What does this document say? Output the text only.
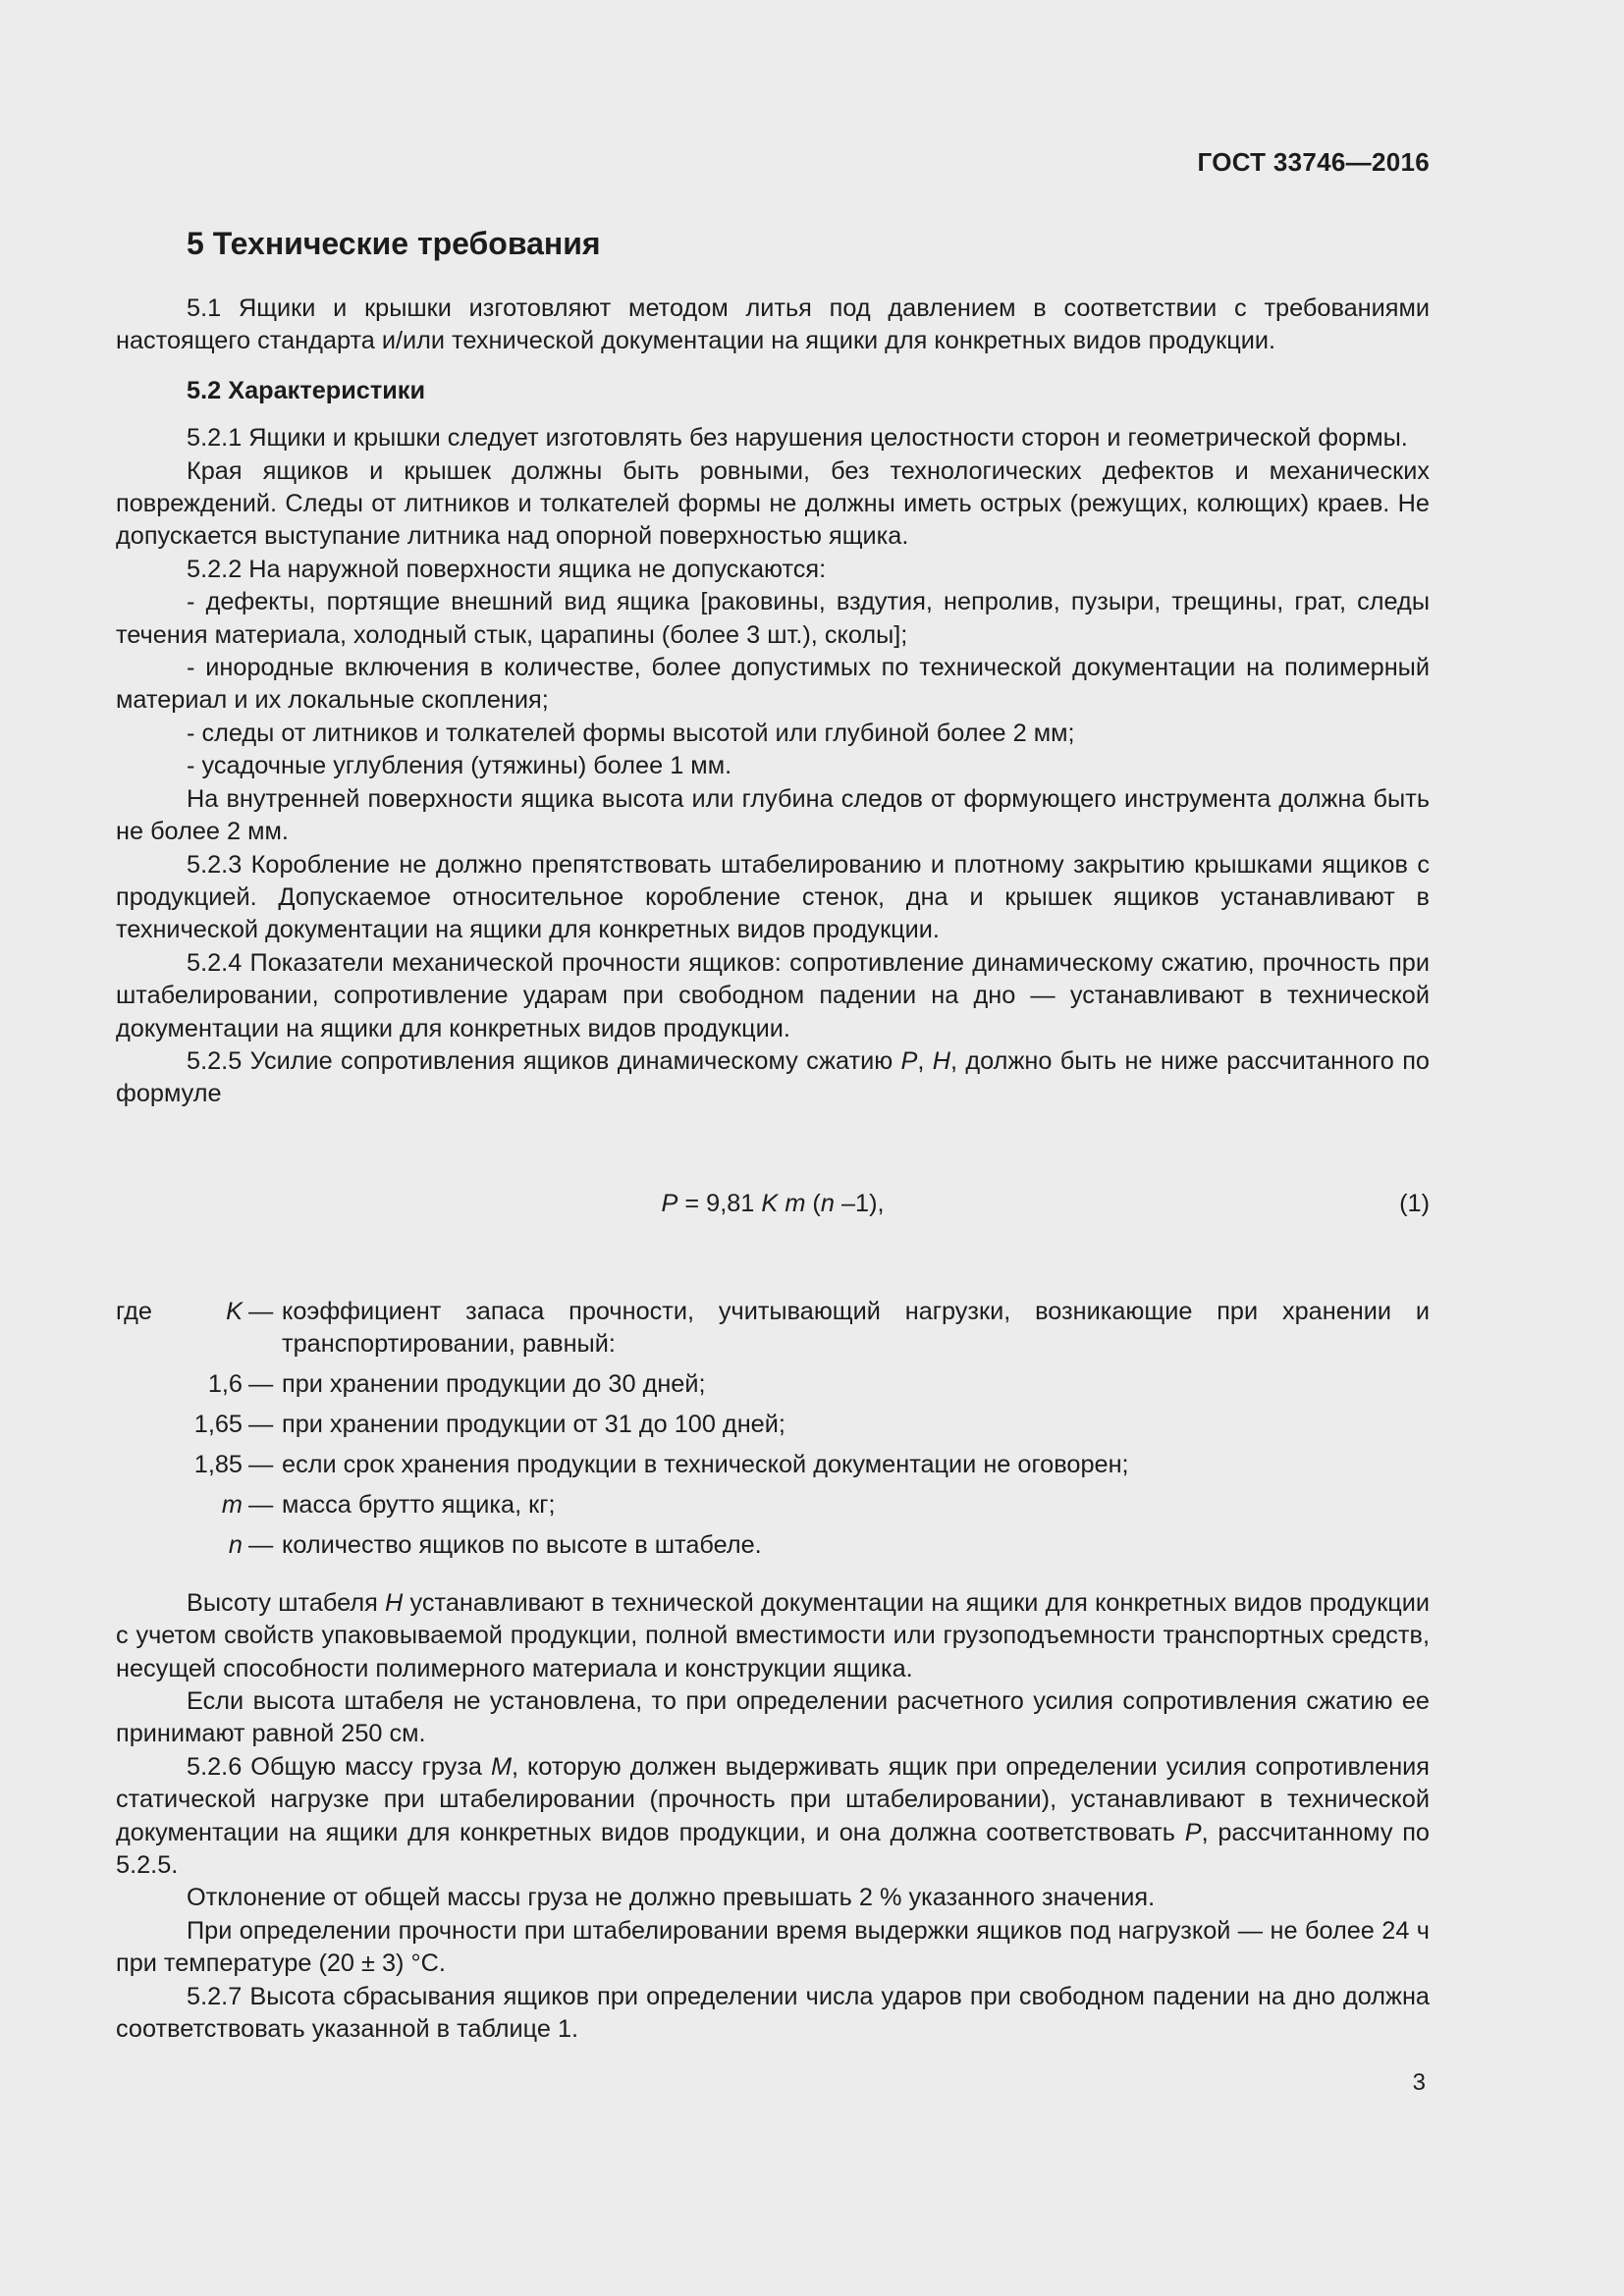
ГОСТ 33746—2016
5 Технические требования

5.1 Ящики и крышки изготовляют методом литья под давлением в соответствии с требованиями настоящего стандарта и/или технической документации на ящики для конкретных видов продукции.

5.2 Характеристики

5.2.1 Ящики и крышки следует изготовлять без нарушения целостности сторон и геометрической формы.

Края ящиков и крышек должны быть ровными, без технологических дефектов и механических повреждений. Следы от литников и толкателей формы не должны иметь острых (режущих, колющих) краев. Не допускается выступание литника над опорной поверхностью ящика.

5.2.2 На наружной поверхности ящика не допускаются:

- дефекты, портящие внешний вид ящика [раковины, вздутия, непролив, пузыри, трещины, грат, следы течения материала, холодный стык, царапины (более 3 шт.), сколы];

- инородные включения в количестве, более допустимых по технической документации на полимерный материал и их локальные скопления;

- следы от литников и толкателей формы высотой или глубиной более 2 мм;

- усадочные углубления (утяжины) более 1 мм.

На внутренней поверхности ящика высота или глубина следов от формующего инструмента должна быть не более 2 мм.

5.2.3 Коробление не должно препятствовать штабелированию и плотному закрытию крышками ящиков с продукцией. Допускаемое относительное коробление стенок, дна и крышек ящиков устанавливают в технической документации на ящики для конкретных видов продукции.

5.2.4 Показатели механической прочности ящиков: сопротивление динамическому сжатию, прочность при штабелировании, сопротивление ударам при свободном падении на дно — устанавливают в технической документации на ящики для конкретных видов продукции.

5.2.5 Усилие сопротивления ящиков динамическому сжатию P, Н, должно быть не ниже рассчитанного по формуле

P = 9,81 K m (n –1),	(1)
где	K — коэффициент запаса прочности, учитывающий нагрузки, возникающие при хранении и транспортировании, равный:
1,6 — при хранении продукции до 30 дней;
1,65 — при хранении продукции от 31 до 100 дней;
1,85 — если срок хранения продукции в технической документации не оговорен;
m — масса брутто ящика, кг;
n — количество ящиков по высоте в штабеле.

Высоту штабеля Н устанавливают в технической документации на ящики для конкретных видов продукции с учетом свойств упаковываемой продукции, полной вместимости или грузоподъемности транспортных средств, несущей способности полимерного материала и конструкции ящика.

Если высота штабеля не установлена, то при определении расчетного усилия сопротивления сжатию ее принимают равной 250 см.

5.2.6 Общую массу груза М, которую должен выдерживать ящик при определении усилия сопротивления статической нагрузке при штабелировании (прочность при штабелировании), устанавливают в технической документации на ящики для конкретных видов продукции, и она должна соответствовать Р, рассчитанному по 5.2.5.

Отклонение от общей массы груза не должно превышать 2 % указанного значения.

При определении прочности при штабелировании время выдержки ящиков под нагрузкой — не более 24 ч при температуре (20 ± 3) °С.

5.2.7 Высота сбрасывания ящиков при определении числа ударов при свободном падении на дно должна соответствовать указанной в таблице 1.

3
